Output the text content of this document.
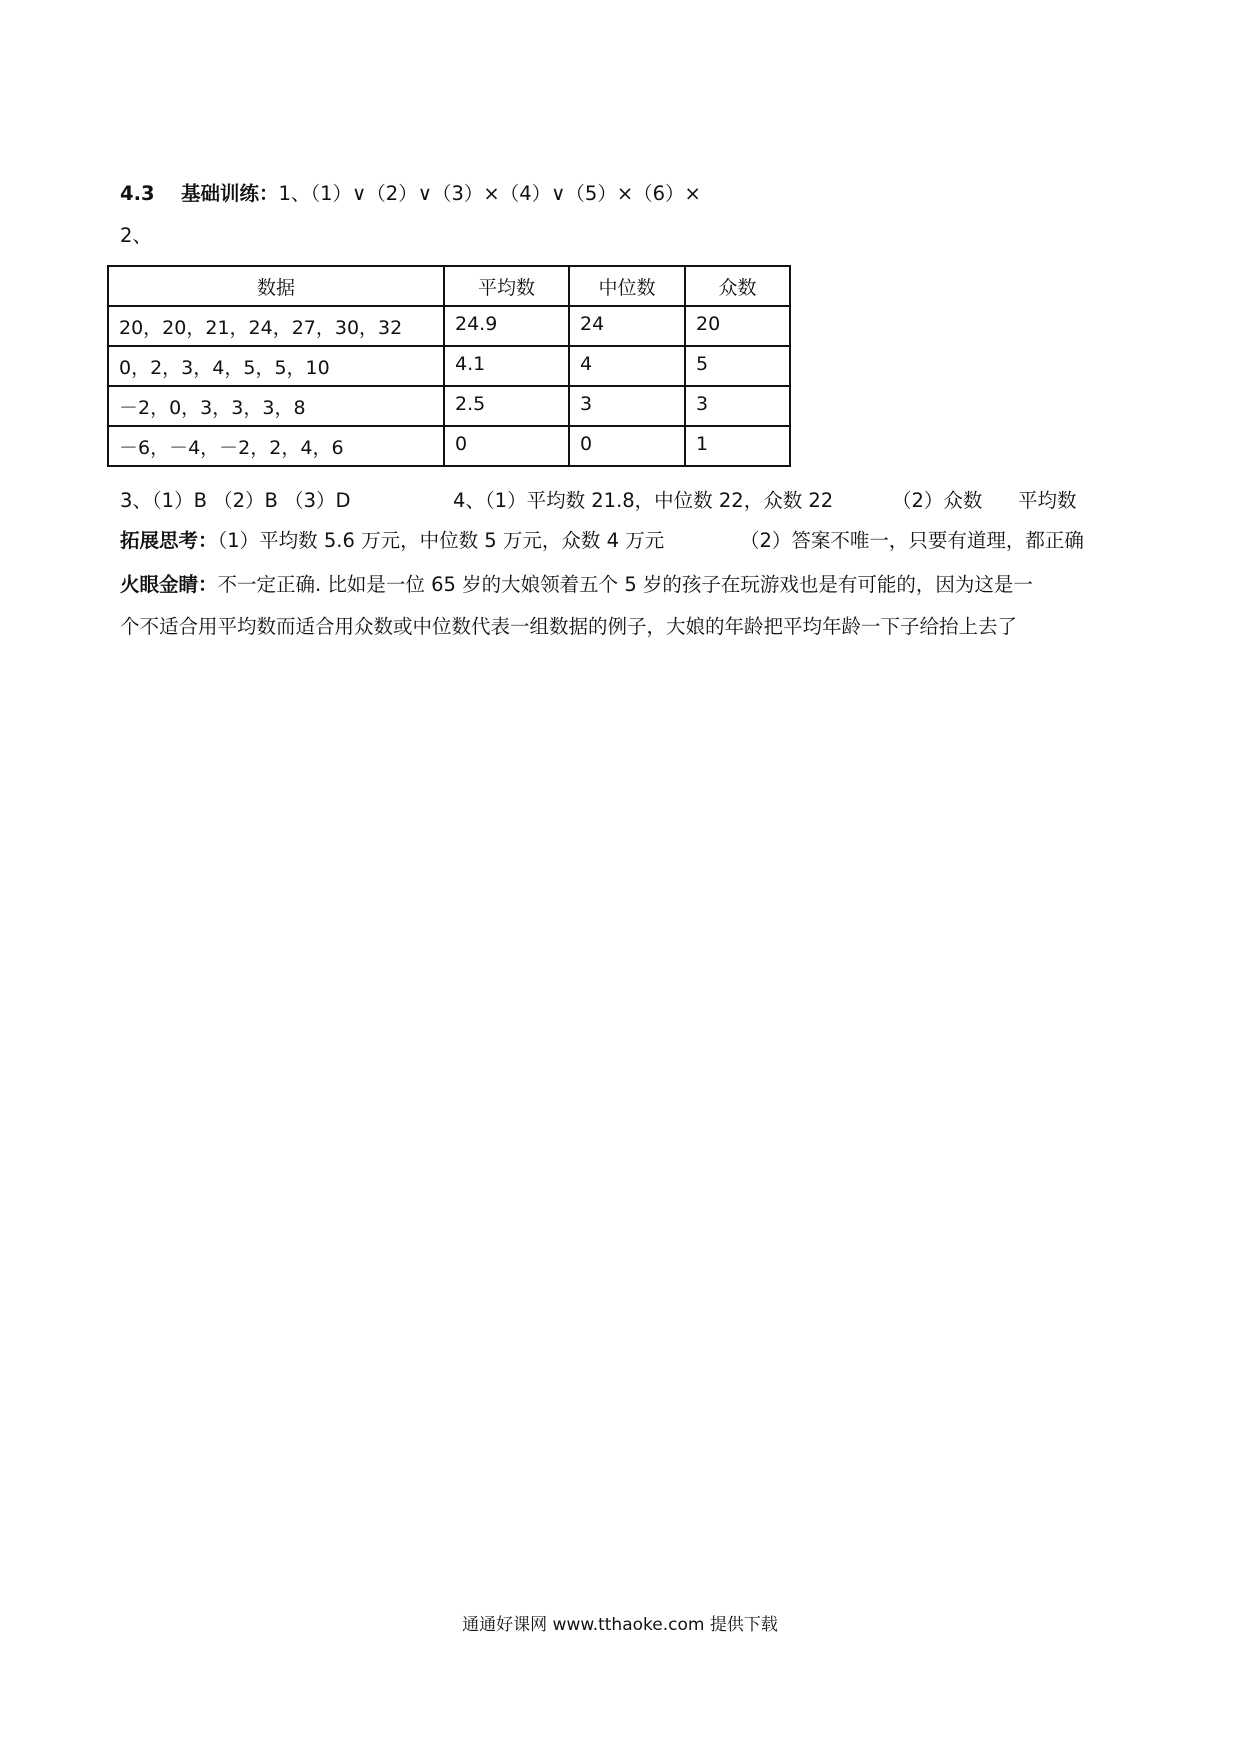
4.3 基础训练：1、（1）∨（2）∨（3）×（4）∨（5）×（6）×
2、
数据	平均数	中位数	众数
20，20，21，24，27，30，32	24.9	24	20
0，2，3，4，5，5，10	4.1	4	5
－2，0，3，3，3，8	2.5	3	3
－6，－4，－2，2，4，6	0	0	1
3、（1）B （2）B （3）D	4、（1）平均数 21.8，中位数 22，众数 22	（2）众数 平均数
拓展思考：（1）平均数 5.6 万元，中位数 5 万元，众数 4 万元	（2）答案不唯一，只要有道理，都正确
火眼金睛：不一定正确. 比如是一位 65 岁的大娘领着五个 5 岁的孩子在玩游戏也是有可能的，因为这是一
个不适合用平均数而适合用众数或中位数代表一组数据的例子，大娘的年龄把平均年龄一下子给抬上去了
通通好课网 www.tthaoke.com 提供下载
